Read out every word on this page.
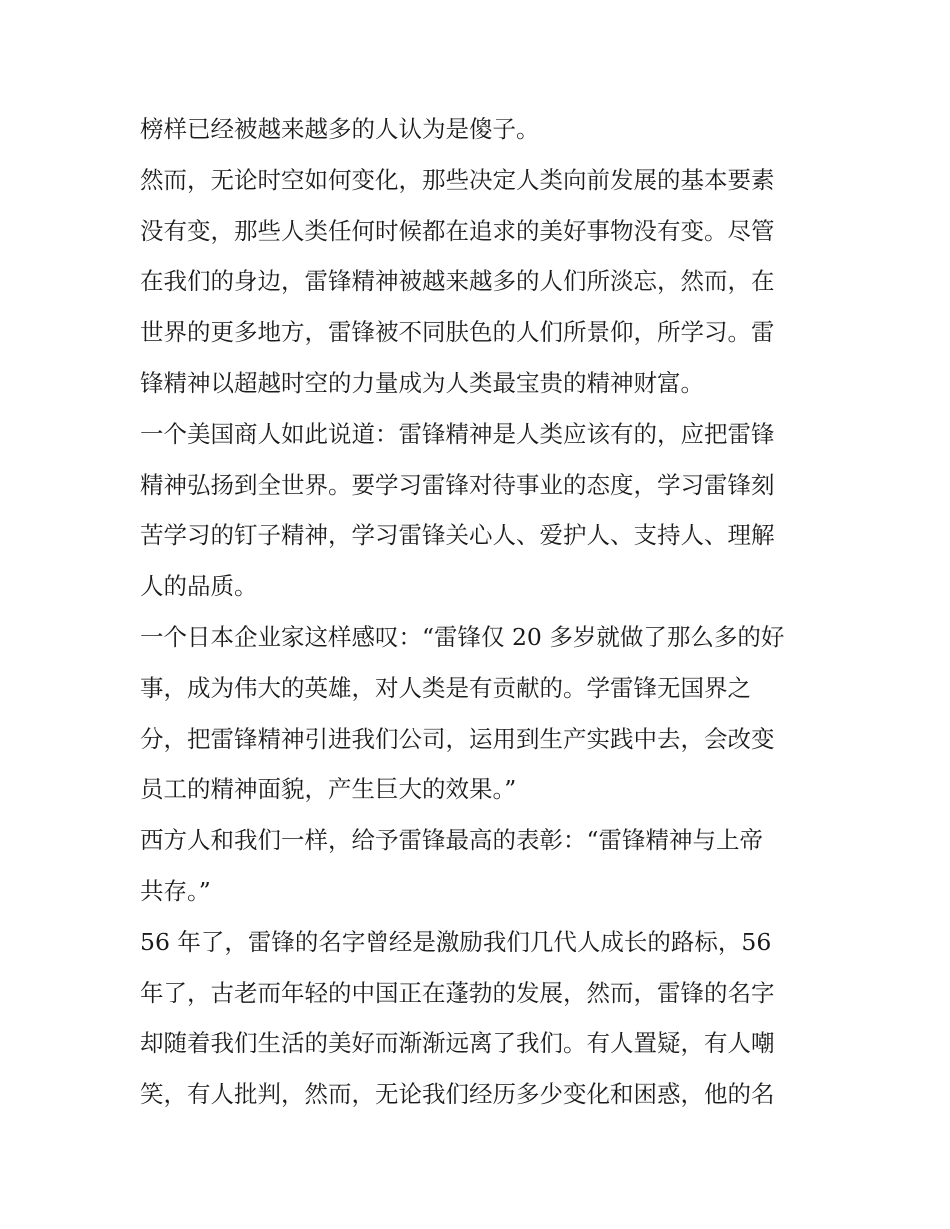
榜样已经被越来越多的人认为是傻子。
然而，无论时空如何变化，那些决定人类向前发展的基本要素
没有变，那些人类任何时候都在追求的美好事物没有变。尽管
在我们的身边，雷锋精神被越来越多的人们所淡忘，然而，在
世界的更多地方，雷锋被不同肤色的人们所景仰，所学习。雷
锋精神以超越时空的力量成为人类最宝贵的精神财富。
一个美国商人如此说道：雷锋精神是人类应该有的，应把雷锋
精神弘扬到全世界。要学习雷锋对待事业的态度，学习雷锋刻
苦学习的钉子精神，学习雷锋关心人、爱护人、支持人、理解
人的品质。
一个日本企业家这样感叹：“雷锋仅 20 多岁就做了那么多的好
事，成为伟大的英雄，对人类是有贡献的。学雷锋无国界之
分，把雷锋精神引进我们公司，运用到生产实践中去，会改变
员工的精神面貌，产生巨大的效果。”
西方人和我们一样，给予雷锋最高的表彰：“雷锋精神与上帝
共存。”
56 年了，雷锋的名字曾经是激励我们几代人成长的路标，56
年了，古老而年轻的中国正在蓬勃的发展，然而，雷锋的名字
却随着我们生活的美好而渐渐远离了我们。有人置疑，有人嘲
笑，有人批判，然而，无论我们经历多少变化和困惑，他的名
